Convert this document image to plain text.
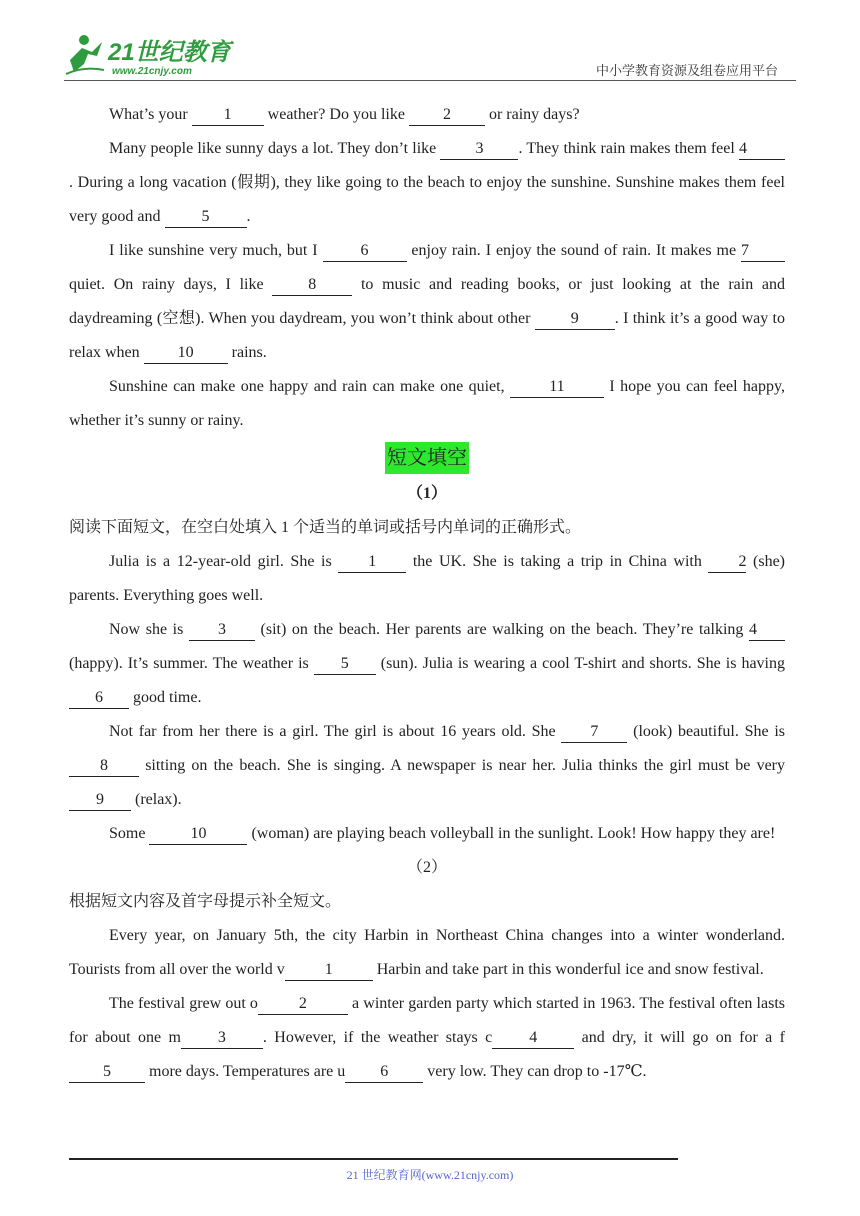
21世纪教育
www.21cnjy.com	中小学教育资源及组卷应用平台

What’s your 1 weather? Do you like 2 or rainy days?

Many people like sunny days a lot. They don’t like 3 . They think rain makes them feel 4. During a long vacation (假期), they like going to the beach to enjoy the sunshine. Sunshine makes them feel very good and 5 .

I like sunshine very much, but I 6 enjoy rain. I enjoy the sound of rain. It makes me 7 quiet. On rainy days, I like 8 to music and reading books, or just looking at the rain and daydreaming (空想). When you daydream, you won’t think about other 9 . I think it’s a good way to relax when 10 rains.

Sunshine can make one happy and rain can make one quiet, 11 I hope you can feel happy, whether it’s sunny or rainy.

短文填空

（1）

阅读下面短文，在空白处填入 1 个适当的单词或括号内单词的正确形式。

Julia is a 12-year-old girl. She is 1 the UK. She is taking a trip in China with 2 (she) parents. Everything goes well.

Now she is 3 (sit) on the beach. Her parents are walking on the beach. They’re talking 4 (happy). It’s summer. The weather is 5 (sun). Julia is wearing a cool T-shirt and shorts. She is having 6 good time.

Not far from her there is a girl. The girl is about 16 years old. She 7 (look) beautiful. She is 8 sitting on the beach. She is singing. A newspaper is near her. Julia thinks the girl must be very 9 (relax).

Some	10	(woman) are playing beach volleyball in the sunlight. Look! How happy they are!

（2）

根据短文内容及首字母提示补全短文。

Every year, on January 5th, the city Harbin in Northeast China changes into a winter wonderland. Tourists from all over the world v	1	Harbin and take part in this wonderful ice and snow festival.

The festival grew out o	2	a winter garden party which started in 1963. The festival often lasts for about one m 3 . However, if the weather stays c 4 and dry, it will go on for a f5 more days. Temperatures are u 6 very low. They can drop to -17℃.

21 世纪教育网(www.21cnjy.com)
